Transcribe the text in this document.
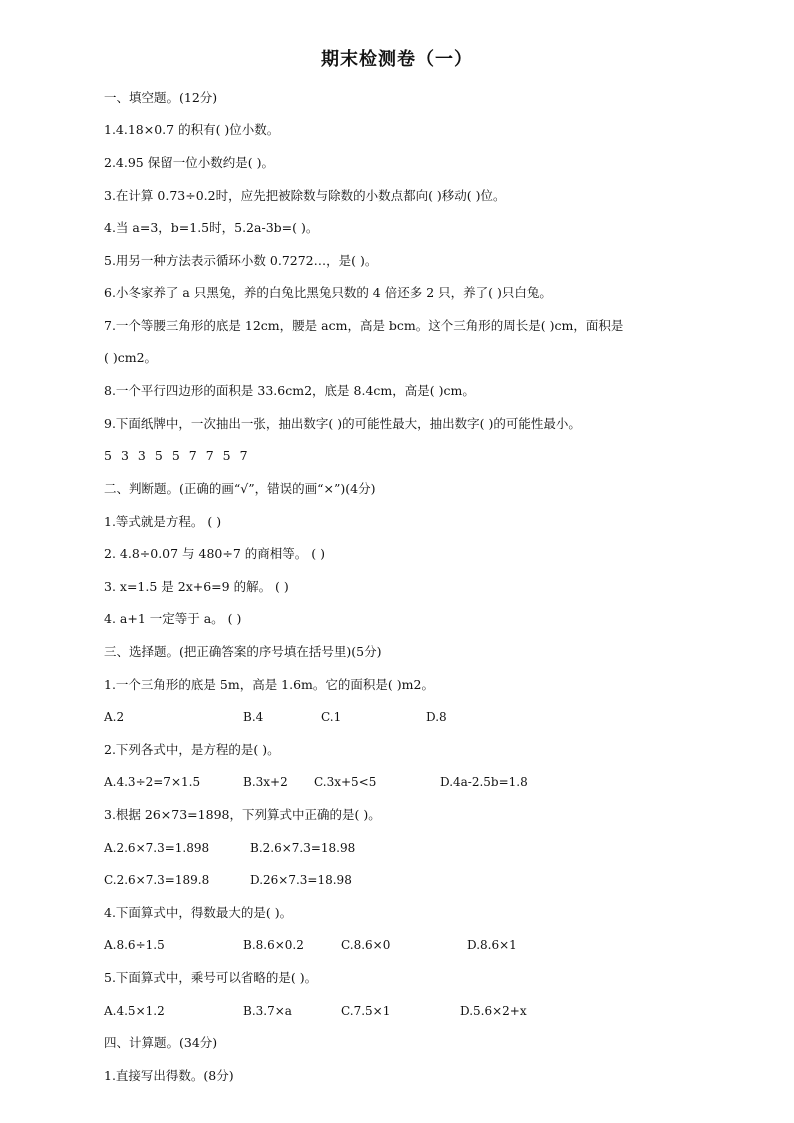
期末检测卷（一）
一、填空题。(12分)
1.4.18×0.7 的积有( )位小数。
2.4.95 保留一位小数约是( )。
3.在计算 0.73÷0.2时，应先把被除数与除数的小数点都向( )移动( )位。
4.当 a=3，b=1.5时，5.2a-3b=( )。
5.用另一种方法表示循环小数 0.7272…，是( )。
6.小冬家养了 a 只黑兔，养的白兔比黑兔只数的 4 倍还多 2 只，养了( )只白兔。
7.一个等腰三角形的底是 12cm，腰是 acm，高是 bcm。这个三角形的周长是( )cm，面积是
( )cm2。
8.一个平行四边形的面积是 33.6cm2，底是 8.4cm，高是( )cm。
9.下面纸牌中，一次抽出一张，抽出数字( )的可能性最大，抽出数字( )的可能性最小。
5 3 3 5 5 7 7 5 7
二、判断题。(正确的画“√”，错误的画“×”)(4分)
1.等式就是方程。 ( )
2. 4.8÷0.07 与 480÷7 的商相等。 ( )
3. x=1.5 是 2x+6=9 的解。 ( )
4. a+1 一定等于 a。 ( )
三、选择题。(把正确答案的序号填在括号里)(5分)
1.一个三角形的底是 5m，高是 1.6m。它的面积是( )m2。
A.2	B.4	C.1	D.8
2.下列各式中，是方程的是( )。
A.4.3÷2=7×1.5	B.3x+2 C.3x+5<5	D.4a-2.5b=1.8
3.根据 26×73=1898，下列算式中正确的是( )。
A.2.6×7.3=1.898	B.2.6×7.3=18.98
C.2.6×7.3=189.8	D.26×7.3=18.98
4.下面算式中，得数最大的是( )。
A.8.6÷1.5	B.8.6×0.2	C.8.6×0	D.8.6×1
5.下面算式中，乘号可以省略的是( )。
A.4.5×1.2	B.3.7×a	C.7.5×1	D.5.6×2+x
四、计算题。(34分)
1.直接写出得数。(8分)
